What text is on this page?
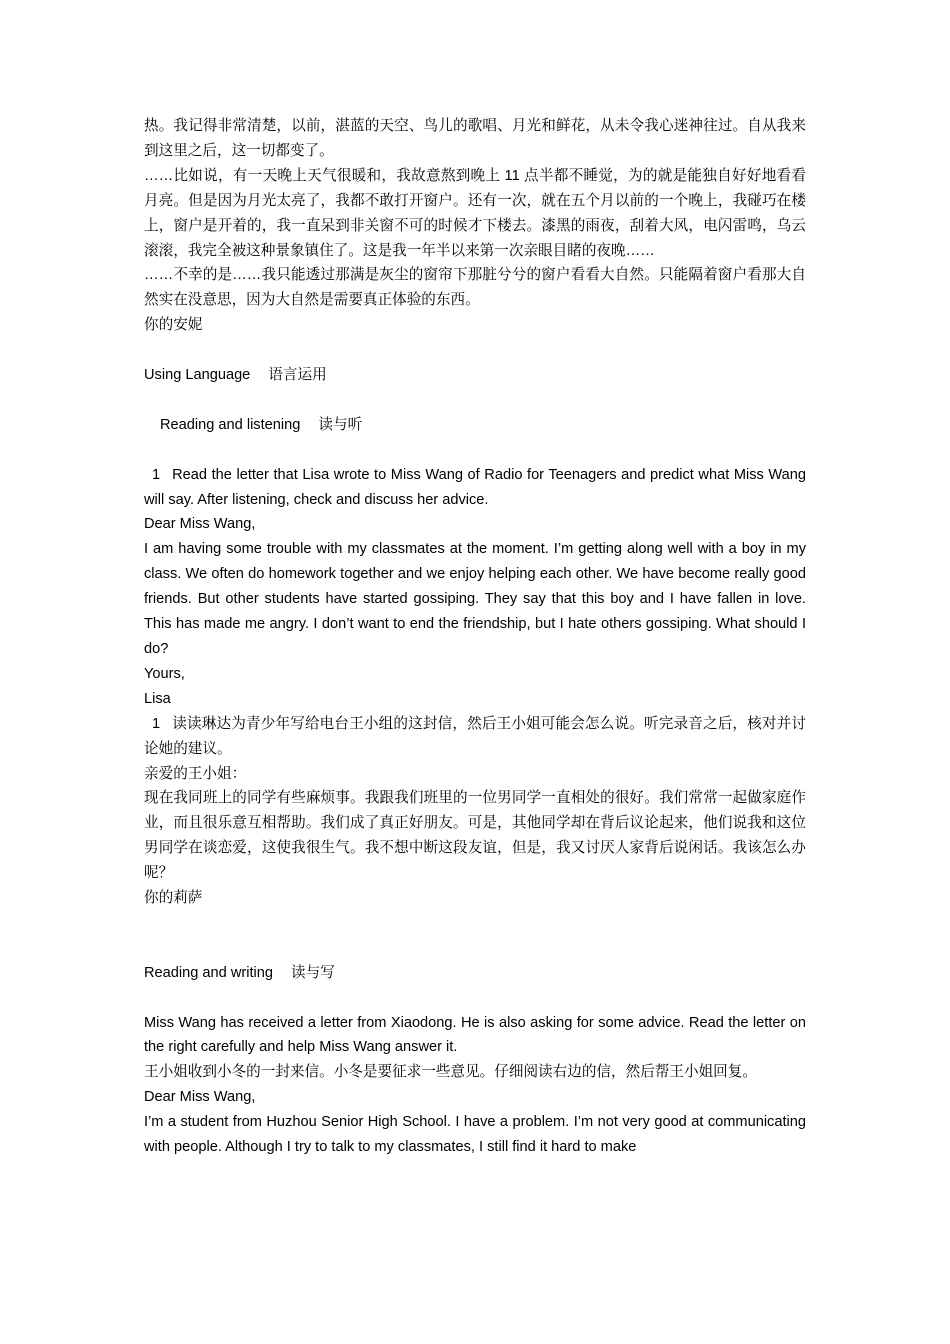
热。我记得非常清楚，以前，湛蓝的天空、鸟儿的歌唱、月光和鲜花，从未令我心迷神往过。自从我来到这里之后，这一切都变了。

……比如说，有一天晚上天气很暖和，我故意熬到晚上 11 点半都不睡觉，为的就是能独自好好地看看月亮。但是因为月光太亮了，我都不敢打开窗户。还有一次，就在五个月以前的一个晚上，我碰巧在楼上，窗户是开着的，我一直呆到非关窗不可的时候才下楼去。漆黑的雨夜，刮着大风，电闪雷鸣，乌云滚滚，我完全被这种景象镇住了。这是我一年半以来第一次亲眼目睹的夜晚……

……不幸的是……我只能透过那满是灰尘的窗帘下那脏兮兮的窗户看看大自然。只能隔着窗户看那大自然实在没意思，因为大自然是需要真正体验的东西。

你的安妮

Using Language 语言运用

Reading and listening 读与听

1 Read the letter that Lisa wrote to Miss Wang of Radio for Teenagers and predict what Miss Wang will say. After listening, check and discuss her advice.

Dear Miss Wang,

I am having some trouble with my classmates at the moment. I’m getting along well with a boy in my class. We often do homework together and we enjoy helping each other. We have become really good friends. But other students have started gossiping. They say that this boy and I have fallen in love. This has made me angry. I don’t want to end the friendship, but I hate others gossiping. What should I do?

Yours,

Lisa

1 读读琳达为青少年写给电台王小组的这封信，然后王小姐可能会怎么说。听完录音之后，核对并讨论她的建议。

亲爱的王小姐：

现在我同班上的同学有些麻烦事。我跟我们班里的一位男同学一直相处的很好。我们常常一起做家庭作业，而且很乐意互相帮助。我们成了真正好朋友。可是，其他同学却在背后议论起来，他们说我和这位男同学在谈恋爱，这使我很生气。我不想中断这段友谊，但是，我又讨厌人家背后说闲话。我该怎么办呢？

你的莉萨

Reading and writing 读与写

Miss Wang has received a letter from Xiaodong. He is also asking for some advice. Read the letter on the right carefully and help Miss Wang answer it.

王小姐收到小冬的一封来信。小冬是要征求一些意见。仔细阅读右边的信，然后帮王小姐回复。

Dear Miss Wang,

I’m a student from Huzhou Senior High School. I have a problem. I’m not very good at communicating with people. Although I try to talk to my classmates, I still find it hard to make
